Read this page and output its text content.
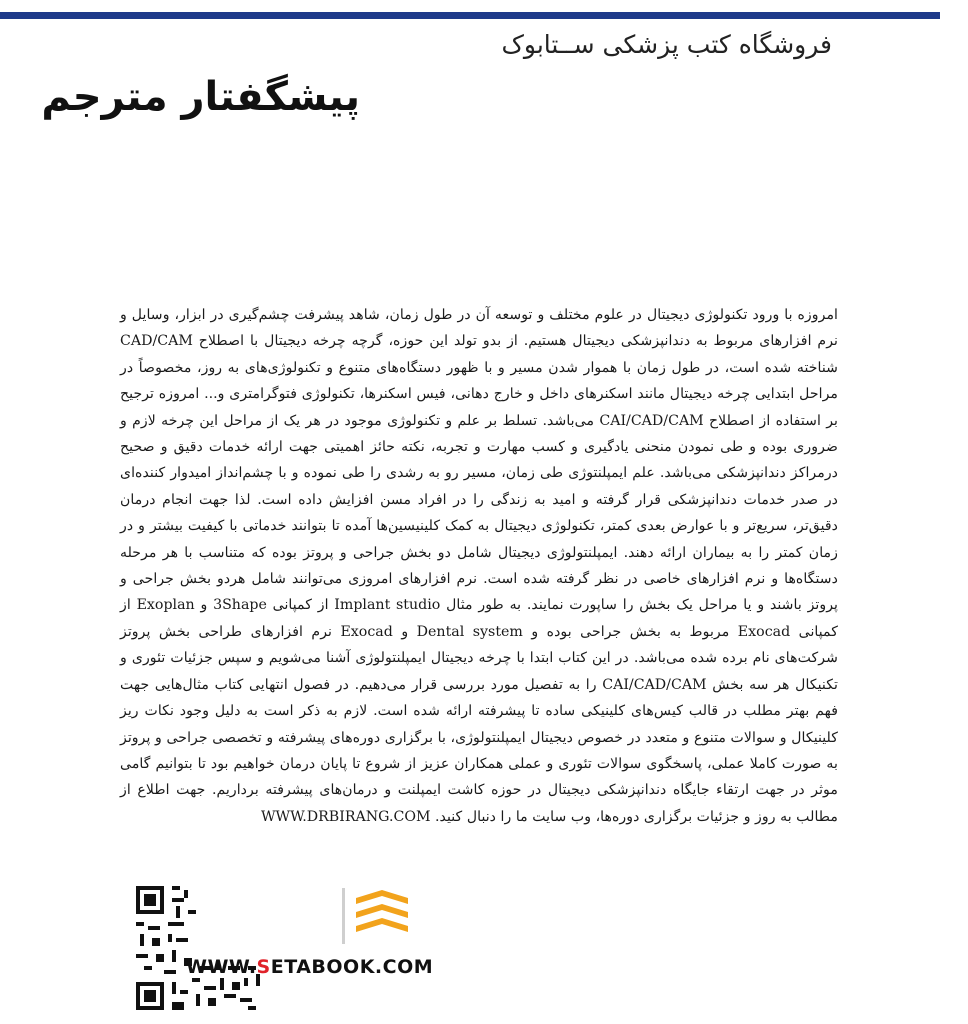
فروشگاه کتب پزشکی ســتابوک
پیشگفتار مترجم

امروزه با ورود تکنولوژی دیجیتال در علوم مختلف و توسعه آن در طول زمان، شاهد پیشرفت چشم‌گیری در ابزار، وسایل و نرم افزارهای مربوط به دندانپزشکی دیجیتال هستیم. از بدو تولد این حوزه، گرچه چرخه دیجیتال با اصطلاح CAD/CAM شناخته شده است، در طول زمان با هموار شدن مسیر و با ظهور دستگاه‌های متنوع و تکنولوژی‌های به روز، مخصوصاً در مراحل ابتدایی چرخه دیجیتال مانند اسکنرهای داخل و خارج دهانی، فیس اسکنرها، تکنولوژی فتوگرامتری و... امروزه ترجیح بر استفاده از اصطلاح CAI/CAD/CAM می‌باشد. تسلط بر علم و تکنولوژی موجود در هر یک از مراحل این چرخه لازم و ضروری بوده و طی نمودن منحنی یادگیری و کسب مهارت و تجربه، نکته حائز اهمیتی جهت ارائه خدمات دقیق و صحیح درمراکز دندانپزشکی می‌باشد. علم ایمپلنتوژی طی زمان، مسیر رو به رشدی را طی نموده و با چشم‌انداز امیدوار کننده‌ای در صدر خدمات دندانپزشکی قرار گرفته و امید به زندگی را در افراد مسن افزایش داده است. لذا جهت انجام درمان دقیق‌تر، سریع‌تر و با عوارض بعدی کمتر، تکنولوژی دیجیتال به کمک کلینیسین‌ها آمده تا بتوانند خدماتی با کیفیت بیشتر و در زمان کمتر را به بیماران ارائه دهند. ایمپلنتولوژی دیجیتال شامل دو بخش جراحی و پروتز بوده که متناسب با هر مرحله دستگاه‌ها و نرم افزارهای خاصی در نظر گرفته شده است. نرم افزارهای امروزی می‌توانند شامل هردو بخش جراحی و پروتز باشند و یا مراحل یک بخش را ساپورت نمایند. به طور مثال Implant studio از کمپانی 3Shape و Exoplan از کمپانی Exocad مربوط به بخش جراحی بوده و Dental system و Exocad نرم افزارهای طراحی بخش پروتز شرکت‌های نام برده شده می‌باشد. در این کتاب ابتدا با چرخه دیجیتال ایمپلنتولوژی آشنا می‌شویم و سپس جزئیات تئوری و تکنیکال هر سه بخش CAI/CAD/CAM را به تفصیل مورد بررسی قرار می‌دهیم. در فصول انتهایی کتاب مثال‌هایی جهت فهم بهتر مطلب در قالب کیس‌های کلینیکی ساده تا پیشرفته ارائه شده است. لازم به ذکر است به دلیل وجود نکات ریز کلینیکال و سوالات متنوع و متعدد در خصوص دیجیتال ایمپلنتولوژی، با برگزاری دوره‌های پیشرفته و تخصصی جراحی و پروتز به صورت کاملا عملی، پاسخگوی سوالات تئوری و عملی همکاران عزیز از شروع تا پایان درمان خواهیم بود تا بتوانیم گامی موثر در جهت ارتقاء جایگاه دندانپزشکی دیجیتال در حوزه کاشت ایمپلنت و درمان‌های پیشرفته برداریم. جهت اطلاع از مطالب به روز و جزئیات برگزاری دوره‌ها، وب سایت ما را دنبال کنید. WWW.DRBIRANG.COM

WWW.SETABOOK.COM
